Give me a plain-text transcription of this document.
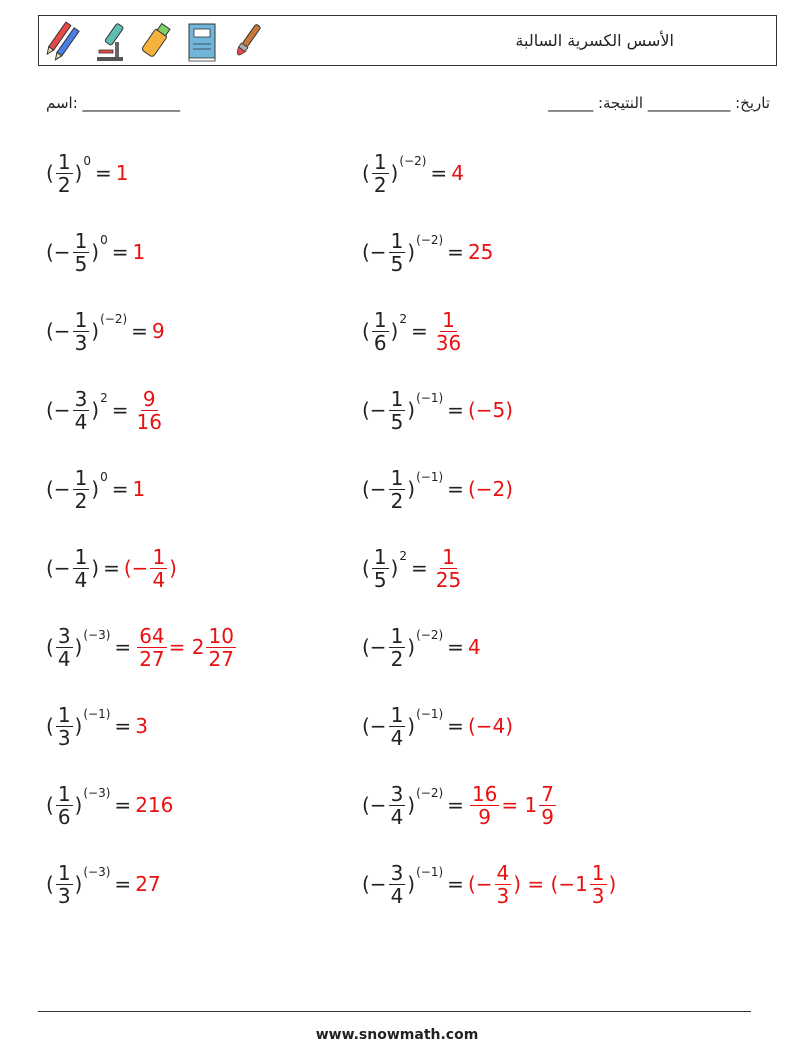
الأسس الكسرية السالبة
اسم: _____________	______ :تاريخ: ___________ النتيجة
( $\frac{1}{2}$ ) 0 = 1
(− $\frac{1}{5}$ ) 0 = 1
(− $\frac{1}{3}$ ) (−2) = 9
(− $\frac{3}{4}$ ) $2 = \frac{9}{16}$
(− $\frac{1}{2}$ ) 0 = 1
(− $\frac{1}{4}$ ) = (− $\frac{1}{4}$ )
( $\frac{3}{4}$ ) $(-3) = \frac{64}{27} = 2 \frac{10}{27}$
( $\frac{1}{3}$ ) (−1) = 3
( $\frac{1}{6}$ ) (−3) = 216
( $\frac{1}{3}$ ) (−3) = 27
( $\frac{1}{2}$ ) (−2) = 4
(− $\frac{1}{5}$ ) (−2) = 25
( $\frac{1}{6}$ ) $2 = \frac{1}{36}$
(− $\frac{1}{5}$ ) (−1) = (−5)
(− $\frac{1}{2}$ ) (−1) = (−2)
( $\frac{1}{5}$ ) $2 = \frac{1}{25}$
(− $\frac{1}{2}$ ) (−2) = 4
(− $\frac{1}{4}$ ) (−1) = (−4)
(− $\frac{3}{4}$ ) $(-2) = \frac{16}{9} = 1 \frac{7}{9}$
(− $\frac{3}{4}$ ) (−1) = (− $\frac{4}{3}$ ) = ($-1 \frac{1}{3}$ )
www.snowmath.com
